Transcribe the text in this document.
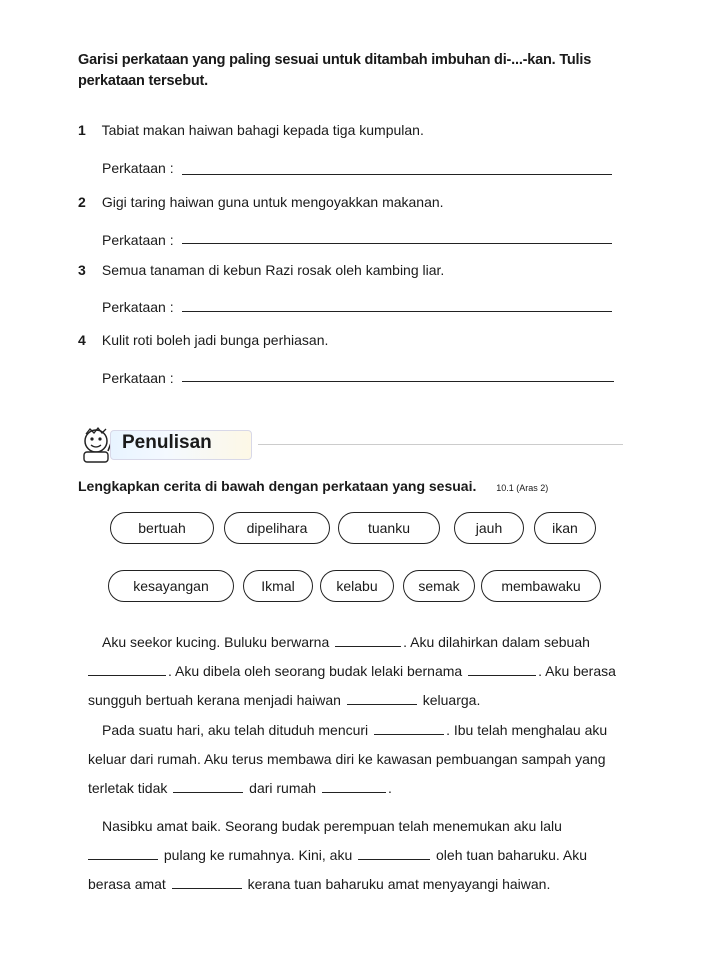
Garisi perkataan yang paling sesuai untuk ditambah imbuhan di-...-kan. Tulis perkataan tersebut.
1 Tabiat makan haiwan bahagi kepada tiga kumpulan.
Perkataan :
2 Gigi taring haiwan guna untuk mengoyakkan makanan.
Perkataan :
3 Semua tanaman di kebun Razi rosak oleh kambing liar.
Perkataan :
4 Kulit roti boleh jadi bunga perhiasan.
Perkataan :
Penulisan
Lengkapkan cerita di bawah dengan perkataan yang sesuai. 10.1 (Aras 2)
bertuah	dipelihara	tuanku	jauh	ikan
kesayangan	Ikmal	kelabu	semak	membawaku
Aku seekor kucing. Buluku berwarna	. Aku dilahirkan dalam sebuah
. Aku dibela oleh seorang budak lelaki bernama	. Aku berasa
sungguh bertuah kerana menjadi haiwan	keluarga.
Pada suatu hari, aku telah dituduh mencuri	. Ibu telah menghalau aku
keluar dari rumah. Aku terus membawa diri ke kawasan pembuangan sampah yang
terletak tidak	dari rumah	.
Nasibku amat baik. Seorang budak perempuan telah menemukan aku lalu
pulang ke rumahnya. Kini, aku	oleh tuan baharuku. Aku
berasa amat	kerana tuan baharuku amat menyayangi haiwan.
